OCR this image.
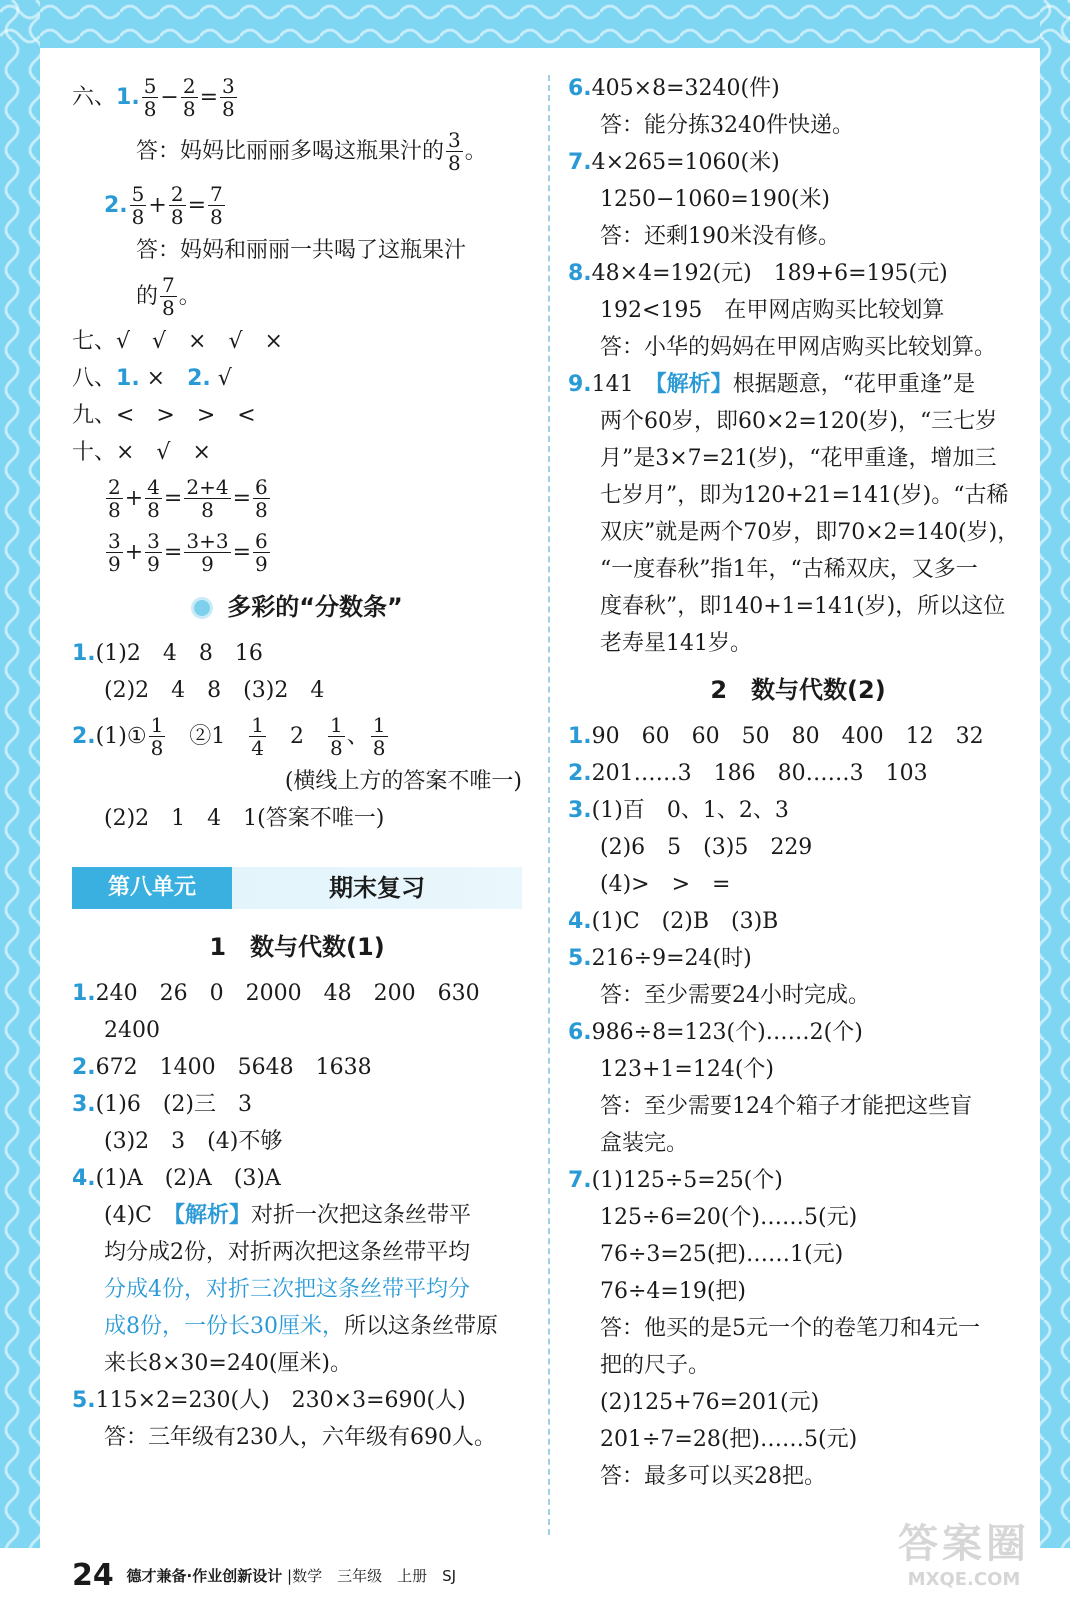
六、 1. 5
$8 - \frac{2}{8} = \frac{3}{8}$
答：妈妈比丽丽多喝这瓶果汁的 3
8 。
2. 5
$8 + \frac{2}{8} = \frac{7}{8}$
答：妈妈和丽丽一共喝了这瓶果汁
的 7
8 。
七、√　√　×　√　×
八、1. ×　2. √
九、<　>　>　<
十、×　√　×
2
$8 + \frac{4}{8} = \frac{2+4}{8} = \frac{6}{8}$
3
$9 + \frac{3}{9} = \frac{3+3}{9} = \frac{6}{9}$
多彩的“分数条”
1.(1)2　4　8　16
(2)2　4　8　(3)2　4
2. (1)① 1
8 　②1　 1
4 　2　 1
8 、 1
8
(横线上方的答案不唯一)
(2)2　1　4　1(答案不唯一)
第八单元	期末复习
1　数与代数(1)
1.240　26　0　2000　48　200　630
2400
2.672　1400　5648　1638
3.(1)6　(2)三　3
(3)2　3　(4)不够
4.(1)A　(2)A　(3)A
(4)C　【解析】对折一次把这条丝带平
均分成2份，对折两次把这条丝带平均
分成4份，对折三次把这条丝带平均分
成8份，一份长30厘米，所以这条丝带原
来长8×30=240(厘米)。
5.115×2=230(人)　230×3=690(人)
答：三年级有230人，六年级有690人。
6.405×8=3240(件)
答：能分拣3240件快递。
7.4×265=1060(米)
1250−1060=190(米)
答：还剩190米没有修。
8.48×4=192(元)　189+6=195(元)
192<195　在甲网店购买比较划算
答：小华的妈妈在甲网店购买比较划算。
9.141　【解析】根据题意，“花甲重逢”是
两个60岁，即60×2=120(岁)，“三七岁
月”是3×7=21(岁)，“花甲重逢，增加三
七岁月”，即为120+21=141(岁)。“古稀
双庆”就是两个70岁，即70×2=140(岁)，
“一度春秋”指1年，“古稀双庆，又多一
度春秋”，即140+1=141(岁)，所以这位
老寿星141岁。
2　数与代数(2)
1.90　60　60　50　80　400　12　32
2.201……3　186　80……3　103
3.(1)百　0、1、2、3
(2)6　5　(3)5　229
(4)>　>　=
4.(1)C　(2)B　(3)B
5.216÷9=24(时)
答：至少需要24小时完成。
6.986÷8=123(个)……2(个)
123+1=124(个)
答：至少需要124个箱子才能把这些盲
盒装完。
7.(1)125÷5=25(个)
125÷6=20(个)……5(元)
76÷3=25(把)……1(元)
76÷4=19(把)
答：他买的是5元一个的卷笔刀和4元一
把的尺子。
(2)125+76=201(元)
201÷7=28(把)……5(元)
答：最多可以买28把。
24 德才兼备·作业创新设计 |数学　三年级　上册　SJ
答案圈
MXQE.COM
